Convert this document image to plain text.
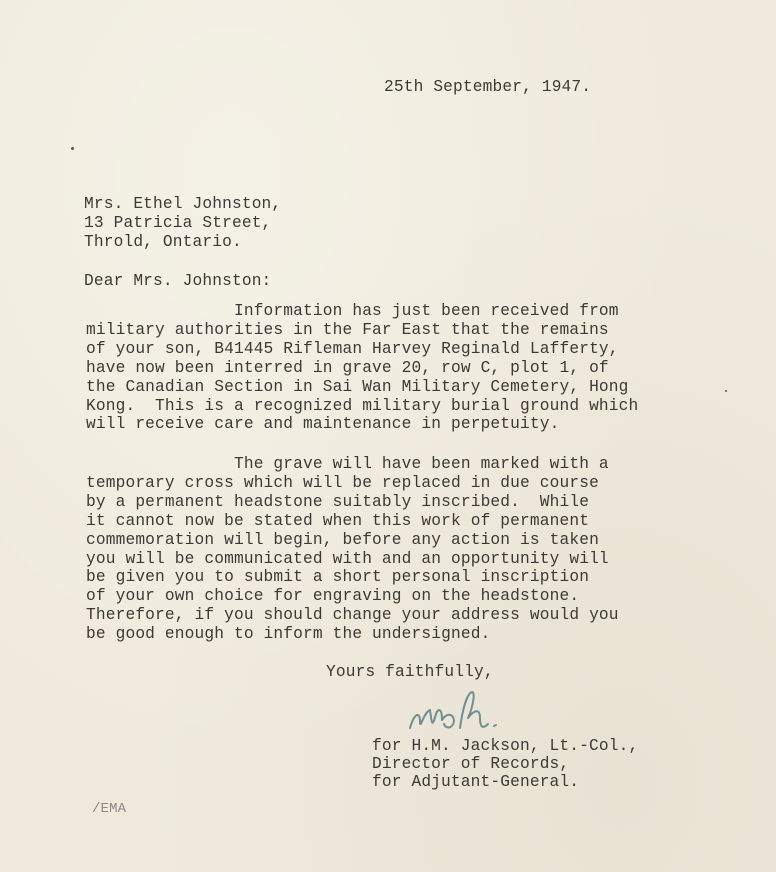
25th September, 1947.
Mrs. Ethel Johnston,
13 Patricia Street,
Throld, Ontario.
Dear Mrs. Johnston:
Information has just been received from
military authorities in the Far East that the remains
of your son, B41445 Rifleman Harvey Reginald Lafferty,
have now been interred in grave 20, row C, plot 1, of
the Canadian Section in Sai Wan Military Cemetery, Hong
Kong.  This is a recognized military burial ground which
will receive care and maintenance in perpetuity.
The grave will have been marked with a
temporary cross which will be replaced in due course
by a permanent headstone suitably inscribed.  While
it cannot now be stated when this work of permanent
commemoration will begin, before any action is taken
you will be communicated with and an opportunity will
be given you to submit a short personal inscription
of your own choice for engraving on the headstone.
Therefore, if you should change your address would you
be good enough to inform the undersigned.
Yours faithfully,
for H.M. Jackson, Lt.-Col.,
Director of Records,
for Adjutant-General.
/EMA
